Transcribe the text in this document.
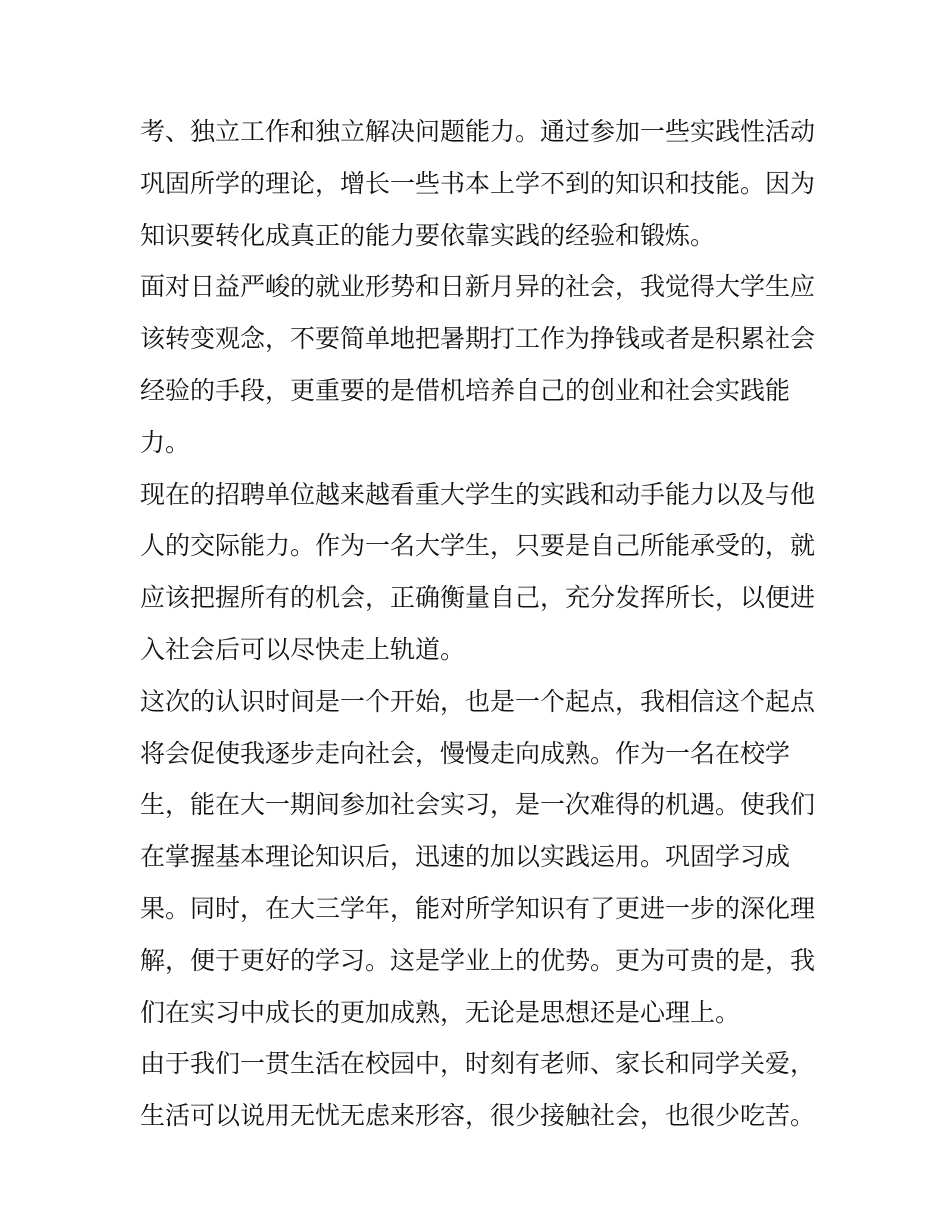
考、独立工作和独立解决问题能力。通过参加一些实践性活动
巩固所学的理论，增长一些书本上学不到的知识和技能。因为
知识要转化成真正的能力要依靠实践的经验和锻炼。
面对日益严峻的就业形势和日新月异的社会，我觉得大学生应
该转变观念，不要简单地把暑期打工作为挣钱或者是积累社会
经验的手段，更重要的是借机培养自己的创业和社会实践能
力。
现在的招聘单位越来越看重大学生的实践和动手能力以及与他
人的交际能力。作为一名大学生，只要是自己所能承受的，就
应该把握所有的机会，正确衡量自己，充分发挥所长，以便进
入社会后可以尽快走上轨道。
这次的认识时间是一个开始，也是一个起点，我相信这个起点
将会促使我逐步走向社会，慢慢走向成熟。作为一名在校学
生，能在大一期间参加社会实习，是一次难得的机遇。使我们
在掌握基本理论知识后，迅速的加以实践运用。巩固学习成
果。同时，在大三学年，能对所学知识有了更进一步的深化理
解，便于更好的学习。这是学业上的优势。更为可贵的是，我
们在实习中成长的更加成熟，无论是思想还是心理上。
由于我们一贯生活在校园中，时刻有老师、家长和同学关爱，
生活可以说用无忧无虑来形容，很少接触社会，也很少吃苦。
